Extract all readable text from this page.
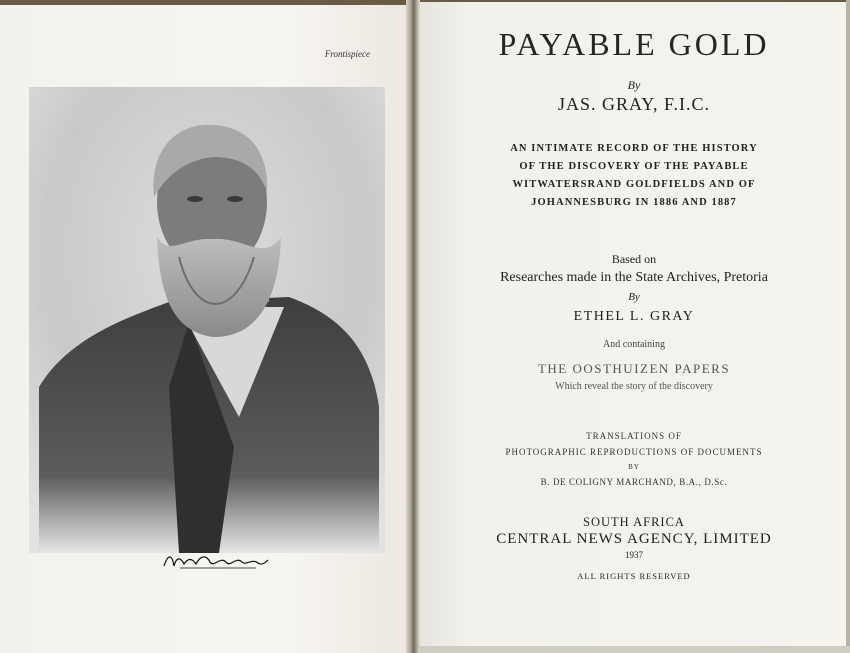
Frontispiece	PAYABLE GOLD
By
JAS. GRAY, F.I.C.
AN INTIMATE RECORD OF THE HISTORY
OF THE DISCOVERY OF THE PAYABLE
WITWATERSRAND GOLDFIELDS AND OF
JOHANNESBURG IN 1886 AND 1887
Based on
Researches made in the State Archives, Pretoria
By
ETHEL L. GRAY
And containing
THE OOSTHUIZEN PAPERS
Which reveal the story of the discovery
TRANSLATIONS OF
PHOTOGRAPHIC REPRODUCTIONS OF DOCUMENTS
BY
B. DE COLIGNY MARCHAND, B.A., D.Sc.
SOUTH AFRICA
CENTRAL NEWS AGENCY, LIMITED
1937
ALL RIGHTS RESERVED
